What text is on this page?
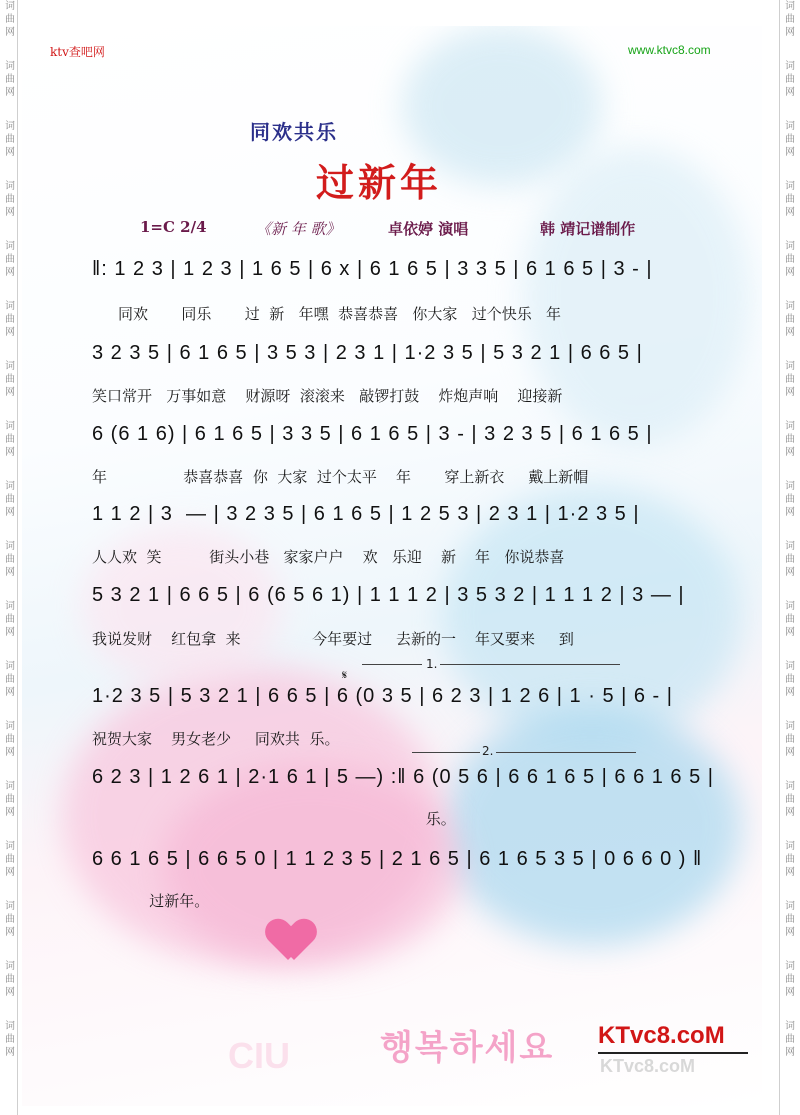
词
曲
网
词
曲
网
词
曲
网
词
曲
网
词
曲
网
词
曲
网
词
曲
网
词
曲
网
词
曲
网
词
曲
网
词
曲
网
词
曲
网
词
曲
网
词
曲
网
词
曲
网
词
曲
网
词
曲
网
词
曲
网
词
曲
网
词
曲
网
词
曲
网
词
曲
网
词
曲
网
词
曲
网
词
曲
网
词
曲
网
词
曲
网
词
曲
网
词
曲
网
词
曲
网
词
曲
网
词
曲
网
词
曲
网
词
曲
网
词
曲
网
词
曲
网
ktv查吧网	www.ktvc8.com
同欢共乐
过新年
1=C 2/4	《新 年 歌》	卓依婷 演唱	韩 靖记谱制作
‖: 1 2 3 | 1 2 3 | 1 6 5 | 6 x | 6 1 6 5 | 3 3 5 | 6 1 6 5 | 3 - |
同欢       同乐       过  新   年嘿  恭喜恭喜   你大家   过个快乐   年
3 2 3 5 | 6 1 6 5 | 3 5 3 | 2 3 1 | 1·2 3 5 | 5 3 2 1 | 6 6 5 |
笑口常开   万事如意    财源呀  滚滚来   敲锣打鼓    炸炮声响    迎接新
6 (6 1 6) | 6 1 6 5 | 3 3 5 | 6 1 6 5 | 3 - | 3 2 3 5 | 6 1 6 5 |
年                恭喜恭喜  你  大家  过个太平    年       穿上新衣     戴上新帽
1 1 2 | 3  — | 3 2 3 5 | 6 1 6 5 | 1 2 5 3 | 2 3 1 | 1·2 3 5 |
人人欢  笑          街头小巷   家家户户    欢   乐迎    新    年   你说恭喜
5 3 2 1 | 6 6 5 | 6 (6 5 6 1) | 1 1 1 2 | 3 5 3 2 | 1 1 1 2 | 3 — |
我说发财    红包拿  来               今年要过     去新的一    年又要来     到
𝄋
1.
1·2 3 5 | 5 3 2 1 | 6 6 5 | 6 (0 3 5 | 6 2 3 | 1 2 6 | 1 · 5 | 6 - |
祝贺大家    男女老少     同欢共  乐。
2.
6 2 3 | 1 2 6 1 | 2·1 6 1 | 5 —) :‖ 6 (0 5 6 | 6 6 1 6 5 | 6 6 1 6 5 |
乐。
6 6 1 6 5 | 6 6 5 0 | 1 1 2 3 5 | 2 1 6 5 | 6 1 6 5 3 5 | 0 6 6 0 ) ‖
过新年。
CIU	행복하세요 KTvc8.coM
KTvc8.coM
